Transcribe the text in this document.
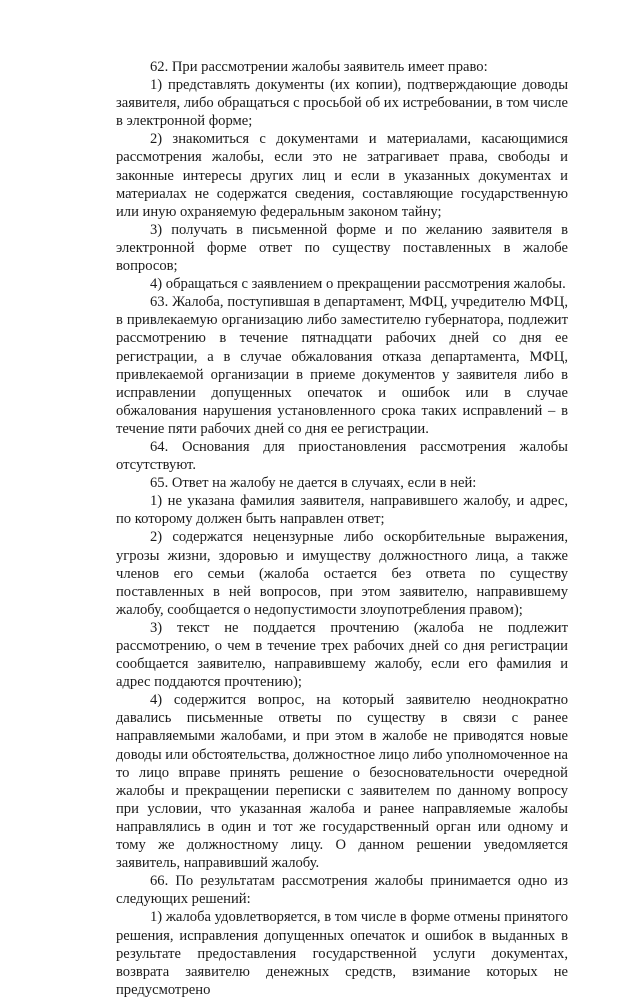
62. При рассмотрении жалобы заявитель имеет право:

1) представлять документы (их копии), подтверждающие доводы заявителя, либо обращаться с просьбой об их истребовании, в том числе в электронной форме;

2) знакомиться с документами и материалами, касающимися рассмотрения жалобы, если это не затрагивает права, свободы и законные интересы других лиц и если в указанных документах и материалах не содержатся сведения, составляющие государственную или иную охраняемую федеральным законом тайну;

3) получать в письменной форме и по желанию заявителя в электронной форме ответ по существу поставленных в жалобе вопросов;

4) обращаться с заявлением о прекращении рассмотрения жалобы.

63. Жалоба, поступившая в департамент, МФЦ, учредителю МФЦ, в привлекаемую организацию либо заместителю губернатора, подлежит рассмотрению в течение пятнадцати рабочих дней со дня ее регистрации, а в случае обжалования отказа департамента, МФЦ, привлекаемой организации в приеме документов у заявителя либо в исправлении допущенных опечаток и ошибок или в случае обжалования нарушения установленного срока таких исправлений – в течение пяти рабочих дней со дня ее регистрации.

64. Основания для приостановления рассмотрения жалобы отсутствуют.

65. Ответ на жалобу не дается в случаях, если в ней:

1) не указана фамилия заявителя, направившего жалобу, и адрес, по которому должен быть направлен ответ;

2) содержатся нецензурные либо оскорбительные выражения, угрозы жизни, здоровью и имуществу должностного лица, а также членов его семьи (жалоба остается без ответа по существу поставленных в ней вопросов, при этом заявителю, направившему жалобу, сообщается о недопустимости злоупотребления правом);

3) текст не поддается прочтению (жалоба не подлежит рассмотрению, о чем в течение трех рабочих дней со дня регистрации сообщается заявителю, направившему жалобу, если его фамилия и адрес поддаются прочтению);

4) содержится вопрос, на который заявителю неоднократно давались письменные ответы по существу в связи с ранее направляемыми жалобами, и при этом в жалобе не приводятся новые доводы или обстоятельства, должностное лицо либо уполномоченное на то лицо вправе принять решение о безосновательности очередной жалобы и прекращении переписки с заявителем по данному вопросу при условии, что указанная жалоба и ранее направляемые жалобы направлялись в один и тот же государственный орган или одному и тому же должностному лицу. О данном решении уведомляется заявитель, направивший жалобу.

66. По результатам рассмотрения жалобы принимается одно из следующих решений:

1) жалоба удовлетворяется, в том числе в форме отмены принятого решения, исправления допущенных опечаток и ошибок в выданных в результате предоставления государственной услуги документах, возврата заявителю денежных средств, взимание которых не предусмотрено
